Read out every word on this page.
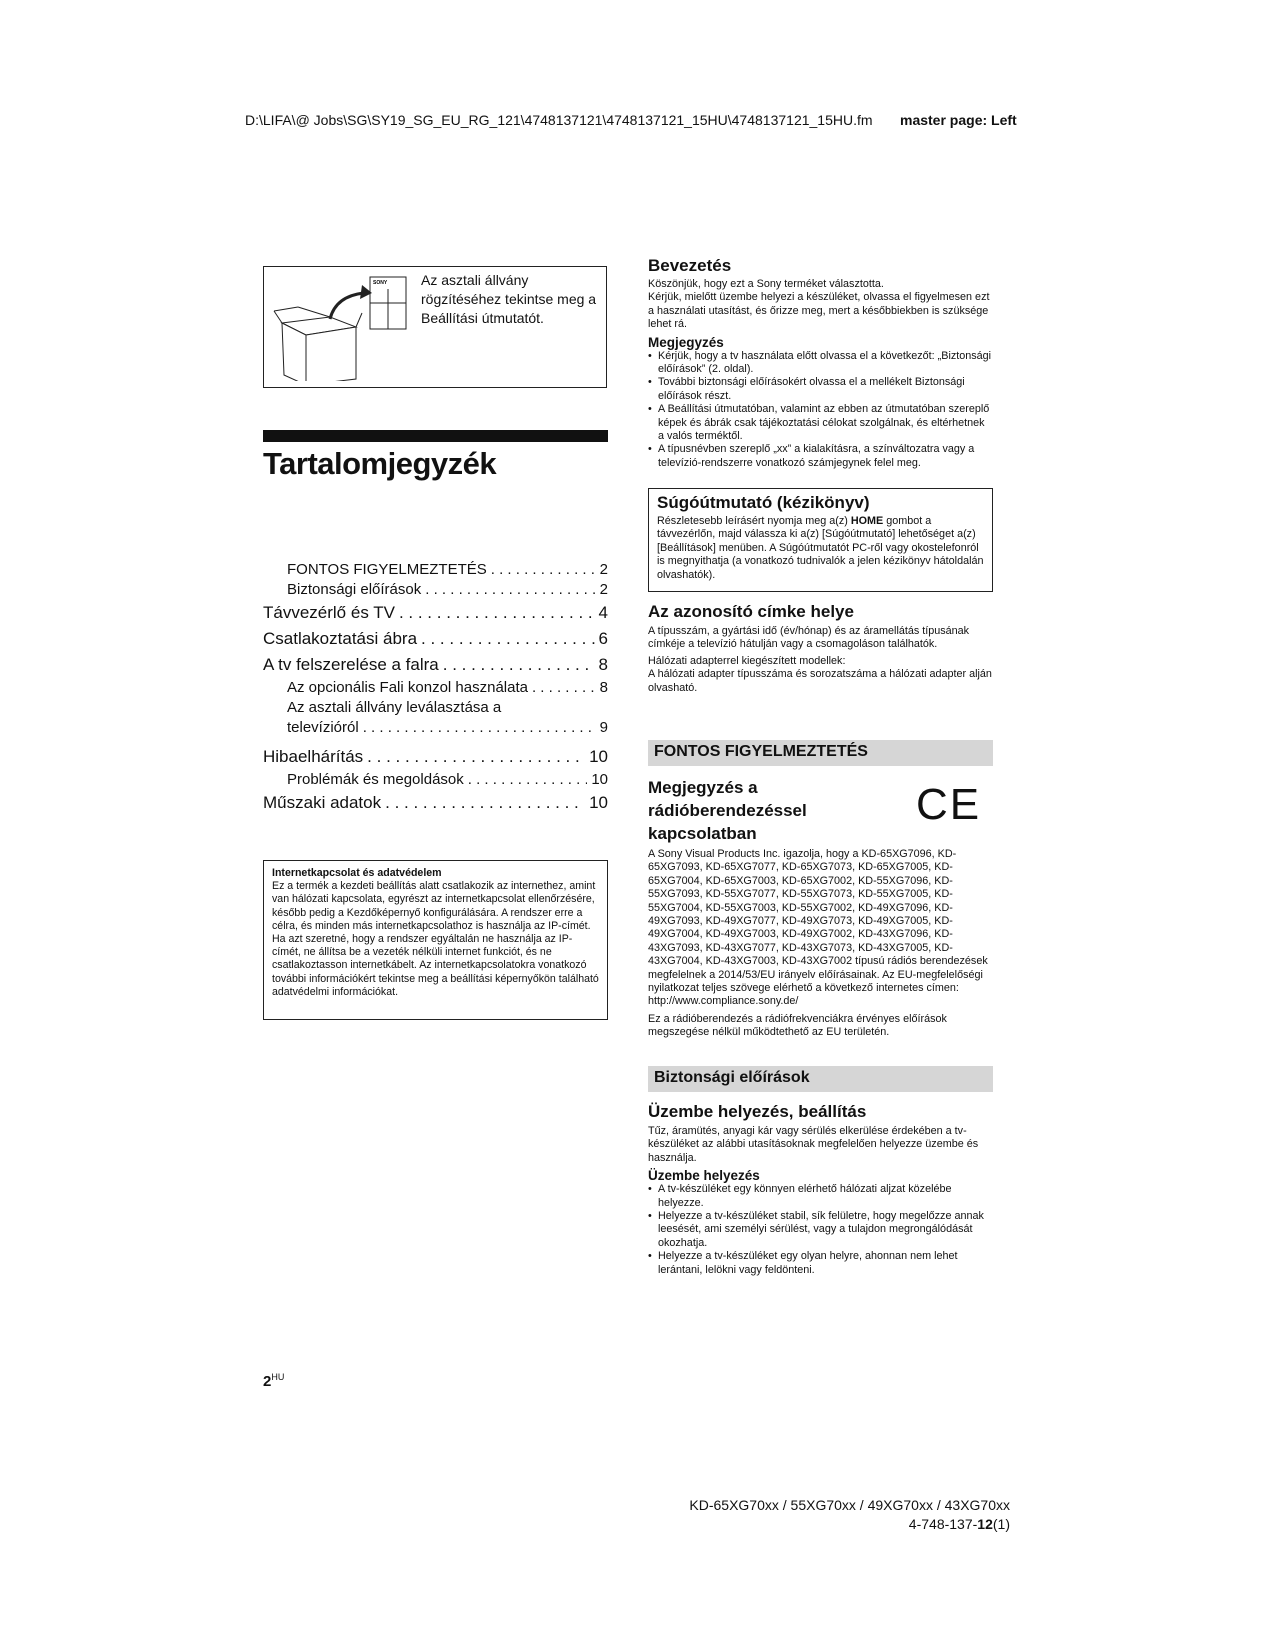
D:\LIFA\@ Jobs\SG\SY19_SG_EU_RG_121\4748137121\4748137121_15HU\4748137121_15HU.fm master page: Left
SONY Az asztali állvány rögzítéséhez tekintse meg a Beállítási útmutatót.
Tartalomjegyzék
FONTOS FIGYELMEZTETÉS . . .	2
Biztonsági előírások . . .	2
Távvezérlő és TV . . .	4
Csatlakoztatási ábra . . .	6
A tv felszerelése a falra . . .	8
Az opcionális Fali konzol használata . . .	8
Az asztali állvány leválasztása a
televízióról . . .	9
Hibaelhárítás . . .	10
Problémák és megoldások . . .	10
Műszaki adatok . . .	10
Internetkapcsolat és adatvédelem
Ez a termék a kezdeti beállítás alatt csatlakozik az internethez, amint van hálózati kapcsolata, egyrészt az internetkapcsolat ellenőrzésére, később pedig a Kezdőképernyő konfigurálására. A rendszer erre a célra, és minden más internetkapcsolathoz is használja az IP-címét. Ha azt szeretné, hogy a rendszer egyáltalán ne használja az IP-címét, ne állítsa be a vezeték nélküli internet funkciót, és ne csatlakoztasson internetkábelt. Az internetkapcsolatokra vonatkozó további információkért tekintse meg a beállítási képernyőkön található adatvédelmi információkat.
$2^{HU}$
Bevezetés
Köszönjük, hogy ezt a Sony terméket választotta.
Kérjük, mielőtt üzembe helyezi a készüléket, olvassa el figyelmesen ezt a használati utasítást, és őrizze meg, mert a későbbiekben is szüksége lehet rá.
Megjegyzés
• Kérjük, hogy a tv használata előtt olvassa el a következőt: „Biztonsági előírások” (2. oldal).
• További biztonsági előírásokért olvassa el a mellékelt Biztonsági előírások részt.
• A Beállítási útmutatóban, valamint az ebben az útmutatóban szereplő képek és ábrák csak tájékoztatási célokat szolgálnak, és eltérhetnek a valós terméktől.
• A típusnévben szereplő „xx” a kialakításra, a színváltozatra vagy a televízió-rendszerre vonatkozó számjegynek felel meg.
Súgóútmutató (kézikönyv)
Részletesebb leírásért nyomja meg a(z) HOME gombot a távvezérlőn, majd válassza ki a(z) [Súgóútmutató] lehetőséget a(z) [Beállítások] menüben. A Súgóútmutatót PC-ről vagy okostelefonról is megnyithatja (a vonatkozó tudnivalók a jelen kézikönyv hátoldalán olvashatók).
Az azonosító címke helye
A típusszám, a gyártási idő (év/hónap) és az áramellátás típusának címkéje a televízió hátulján vagy a csomagoláson találhatók.
Hálózati adapterrel kiegészített modellek:
A hálózati adapter típusszáma és sorozatszáma a hálózati adapter alján olvasható.
FONTOS FIGYELMEZTETÉS
Megjegyzés a rádióberendezéssel kapcsolatban
CE
A Sony Visual Products Inc. igazolja, hogy a KD-65XG7096, KD-65XG7093, KD-65XG7077, KD-65XG7073, KD-65XG7005, KD-65XG7004, KD-65XG7003, KD-65XG7002, KD-55XG7096, KD-55XG7093, KD-55XG7077, KD-55XG7073, KD-55XG7005, KD-55XG7004, KD-55XG7003, KD-55XG7002, KD-49XG7096, KD-49XG7093, KD-49XG7077, KD-49XG7073, KD-49XG7005, KD-49XG7004, KD-49XG7003, KD-49XG7002, KD-43XG7096, KD-43XG7093, KD-43XG7077, KD-43XG7073, KD-43XG7005, KD-43XG7004, KD-43XG7003, KD-43XG7002 típusú rádiós berendezések megfelelnek a 2014/53/EU irányelv előírásainak. Az EU-megfelelőségi nyilatkozat teljes szövege elérhető a következő internetes címen: http://www.compliance.sony.de/
Ez a rádióberendezés a rádiófrekvenciákra érvényes előírások megszegése nélkül működtethető az EU területén.
Biztonsági előírások
Üzembe helyezés, beállítás
Tűz, áramütés, anyagi kár vagy sérülés elkerülése érdekében a tv-készüléket az alábbi utasításoknak megfelelően helyezze üzembe és használja.
Üzembe helyezés
• A tv-készüléket egy könnyen elérhető hálózati aljzat közelébe helyezze.
• Helyezze a tv-készüléket stabil, sík felületre, hogy megelőzze annak leesését, ami személyi sérülést, vagy a tulajdon megrongálódását okozhatja.
• Helyezze a tv-készüléket egy olyan helyre, ahonnan nem lehet lerántani, lelökni vagy feldönteni.
KD-65XG70xx / 55XG70xx / 49XG70xx / 43XG70xx
4-748-137-12(1)
